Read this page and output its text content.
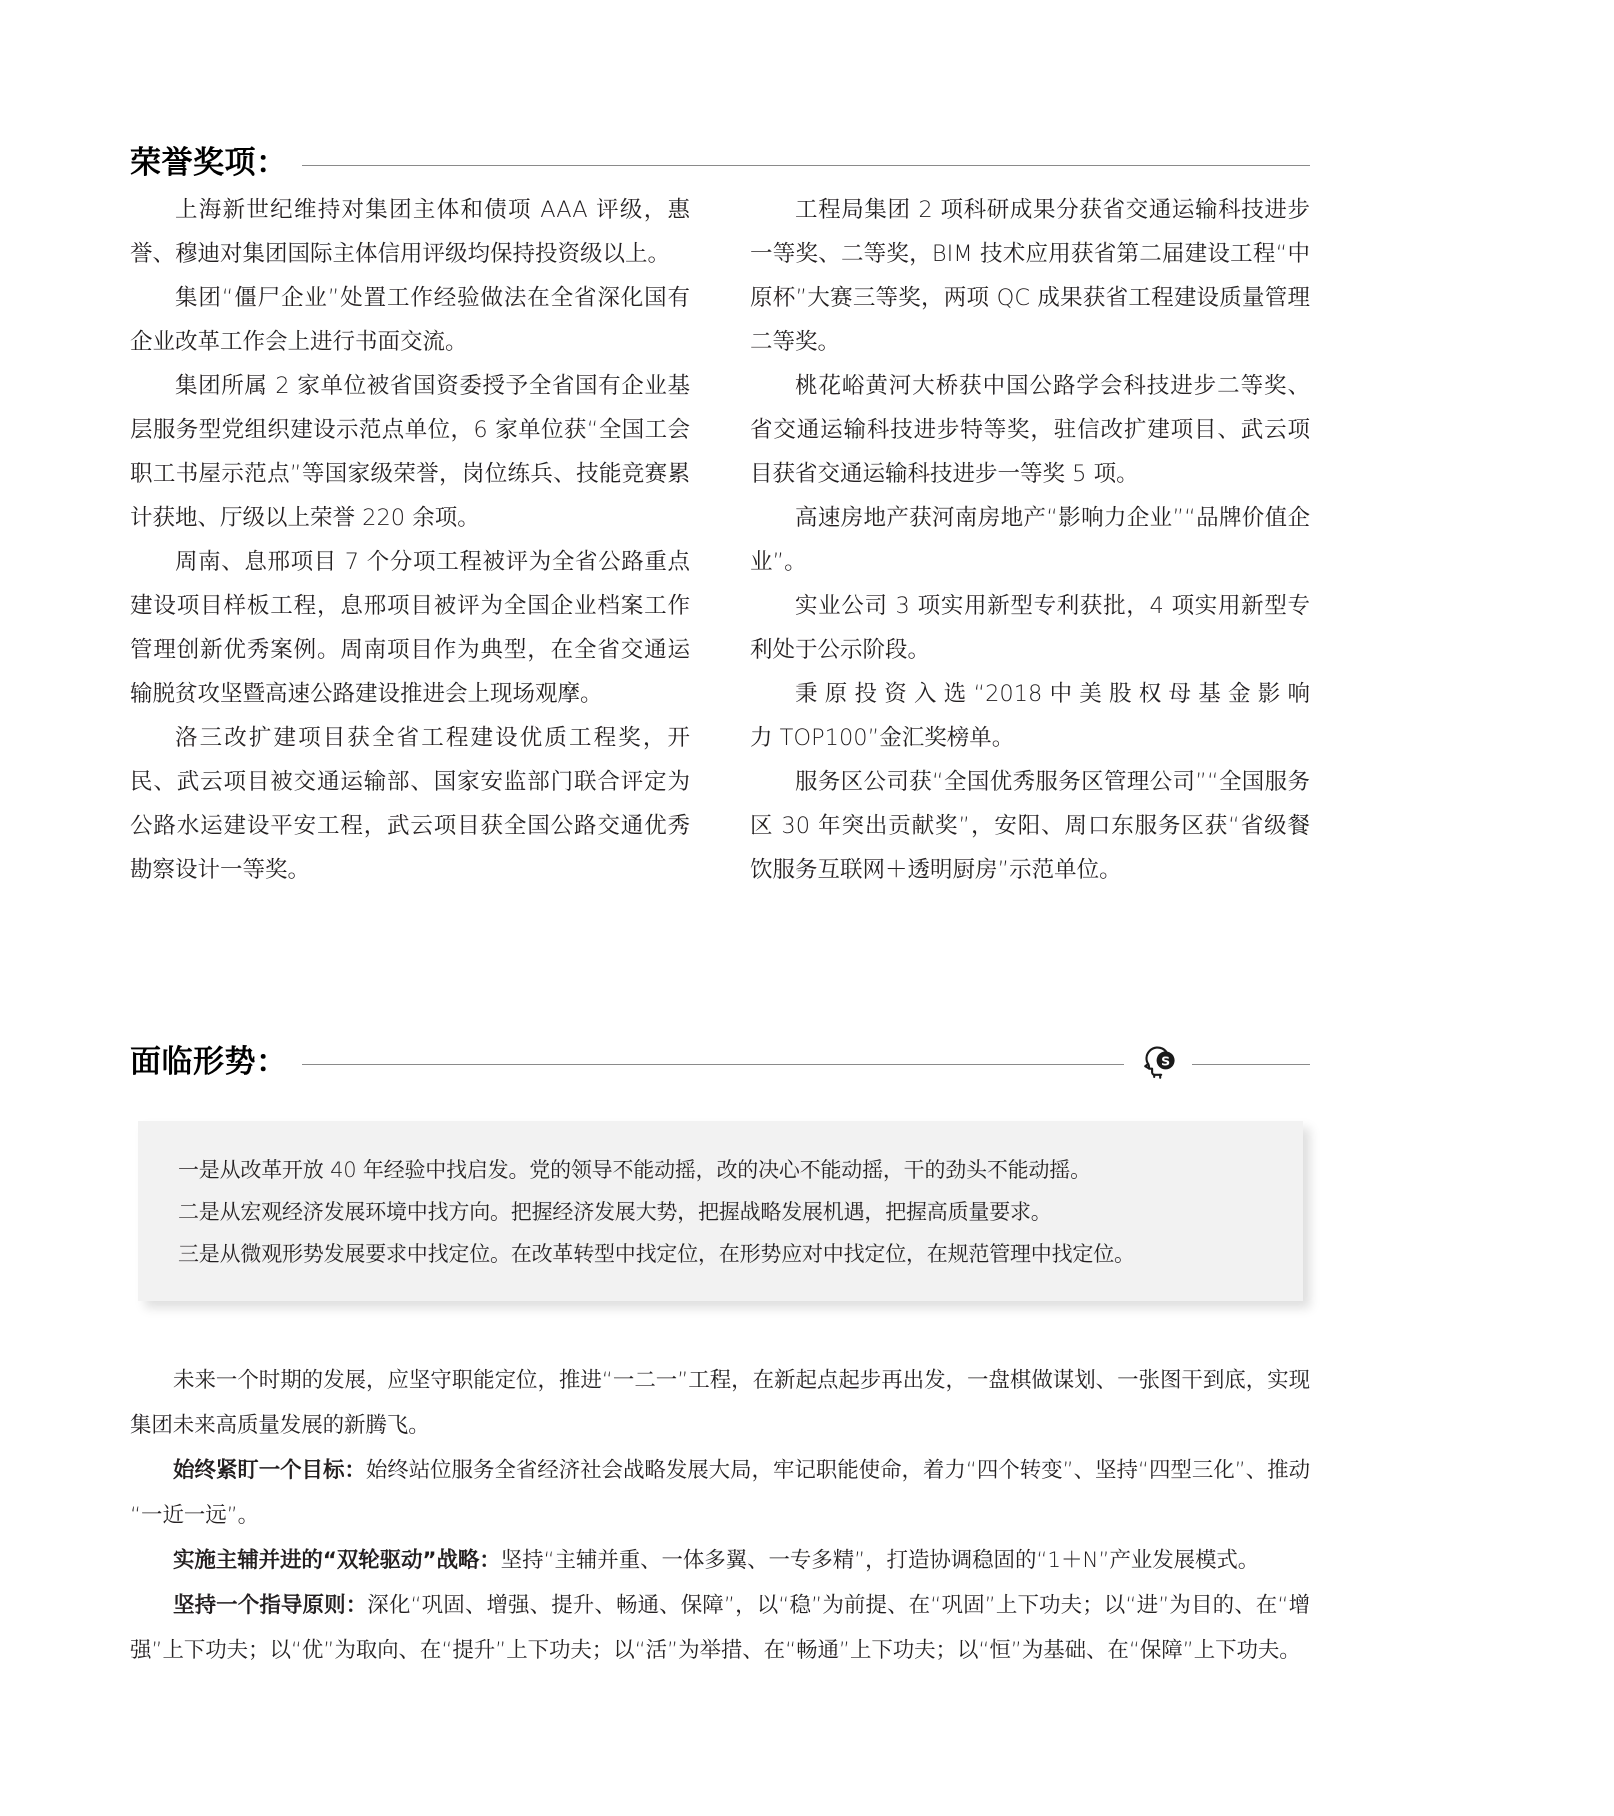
荣誉奖项：

上海新世纪维持对集团主体和债项 AAA 评级，惠誉、穆迪对集团国际主体信用评级均保持投资级以上。

集团“僵尸企业”处置工作经验做法在全省深化国有企业改革工作会上进行书面交流。

集团所属 2 家单位被省国资委授予全省国有企业基层服务型党组织建设示范点单位，6 家单位获“全国工会职工书屋示范点”等国家级荣誉，岗位练兵、技能竞赛累计获地、厅级以上荣誉 220 余项。

周南、息邢项目 7 个分项工程被评为全省公路重点建设项目样板工程，息邢项目被评为全国企业档案工作管理创新优秀案例。周南项目作为典型，在全省交通运输脱贫攻坚暨高速公路建设推进会上现场观摩。

洛三改扩建项目获全省工程建设优质工程奖，开民、武云项目被交通运输部、国家安监部门联合评定为公路水运建设平安工程，武云项目获全国公路交通优秀勘察设计一等奖。

工程局集团 2 项科研成果分获省交通运输科技进步一等奖、二等奖，BIM 技术应用获省第二届建设工程“中原杯”大赛三等奖，两项 QC 成果获省工程建设质量管理二等奖。

桃花峪黄河大桥获中国公路学会科技进步二等奖、省交通运输科技进步特等奖，驻信改扩建项目、武云项目获省交通运输科技进步一等奖 5 项。

高速房地产获河南房地产“影响力企业”“品牌价值企业”。

实业公司 3 项实用新型专利获批，4 项实用新型专利处于公示阶段。

秉 原 投 资 入 选 “2018 中 美 股 权 母 基 金 影 响 力 TOP100”金汇奖榜单。

服务区公司获“全国优秀服务区管理公司”“全国服务区 30 年突出贡献奖”，安阳、周口东服务区获“省级餐饮服务互联网＋透明厨房”示范单位。

面临形势：	S
一是从改革开放 40 年经验中找启发。党的领导不能动摇，改的决心不能动摇，干的劲头不能动摇。
二是从宏观经济发展环境中找方向。把握经济发展大势，把握战略发展机遇，把握高质量要求。
三是从微观形势发展要求中找定位。在改革转型中找定位，在形势应对中找定位，在规范管理中找定位。

未来一个时期的发展，应坚守职能定位，推进“一二一”工程，在新起点起步再出发，一盘棋做谋划、一张图干到底，实现集团未来高质量发展的新腾飞。

始终紧盯一个目标：始终站位服务全省经济社会战略发展大局，牢记职能使命，着力“四个转变”、坚持“四型三化”、推动“一近一远”。

实施主辅并进的“双轮驱动”战略：坚持“主辅并重、一体多翼、一专多精”，打造协调稳固的“1＋N”产业发展模式。

坚持一个指导原则：深化“巩固、增强、提升、畅通、保障”，以“稳”为前提、在“巩固”上下功夫；以“进”为目的、在“增强”上下功夫；以“优”为取向、在“提升”上下功夫；以“活”为举措、在“畅通”上下功夫；以“恒”为基础、在“保障”上下功夫。
